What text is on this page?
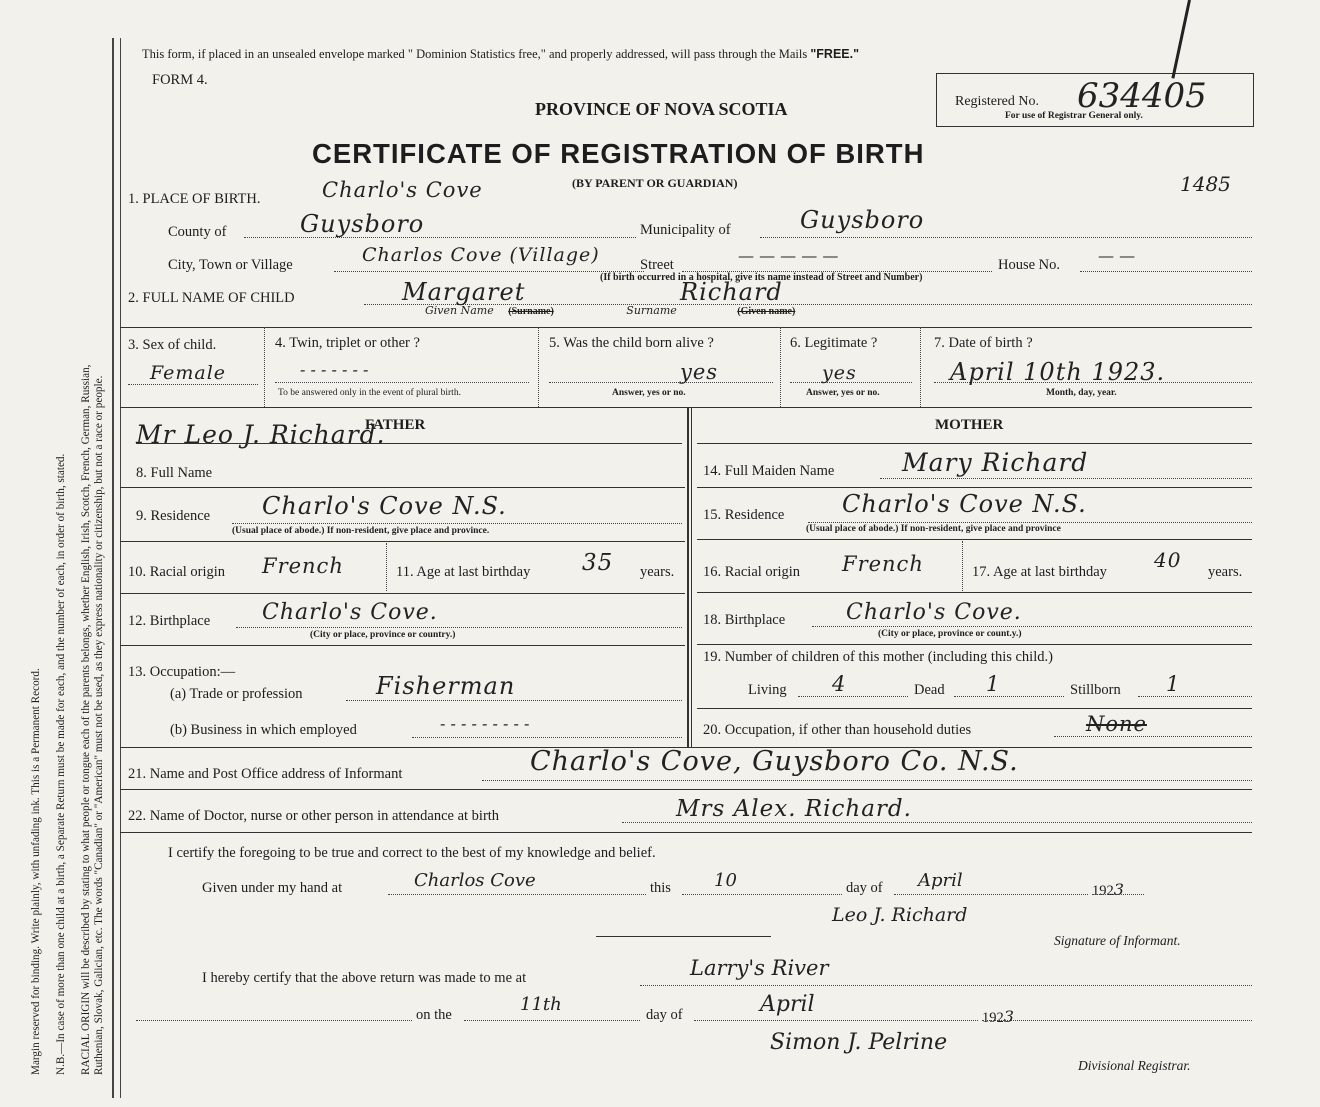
Margin reserved for binding. Write plainly, with unfading ink. This is a Permanent Record. N.B.—In case of more than one child at a birth, a Separate Return must be made for each, and the number of each, in order of birth, stated. RACIAL ORIGIN will be described by stating to what people or tongue each of the parents belongs, whether English, Irish, Scotch, French, German, Russian, Ruthenian, Slovak, Galician, etc. The words "Canadian" or "American" must not be used, as they express nationality or citizenship, but not a race or people.
This form, if placed in an unsealed envelope marked " Dominion Statistics free," and properly addressed, will pass through the Mails "FREE."
FORM 4.
PROVINCE OF NOVA SCOTIA	Registered No. 634405
For use of Registrar General only.
CERTIFICATE OF REGISTRATION OF BIRTH
(BY PARENT OR GUARDIAN)	1485
1. PLACE OF BIRTH.	Charlo's Cove
County of	Guysboro	Municipality of	Guysboro
City, Town or Village	Charlos Cove (Village)	Street	— — — — —	House No. — —
(If birth occurred in a hospital, give its name instead of Street and Number)
2. FULL NAME OF CHILD	Margaret	Richard
Given Name (Surname)	Surname	(Given name)
3. Sex of child.
Female
4. Twin, triplet or other ?
- - - - - - -
To be answered only in the event of plural birth.
5. Was the child born alive ?
yes
Answer, yes or no.
6. Legitimate ?
yes
Answer, yes or no.
7. Date of birth ?
April 10th 1923.
Month, day, year.
FATHER
Mr Leo J. Richard.
8. Full Name
9. Residence Charlo's Cove N.S.
(Usual place of abode.) If non-resident, give place and province.
10. Racial origin French	11. Age at last birthday 35 years.
12. Birthplace Charlo's Cove.
(City or place, province or country.)
13. Occupation:—
(a) Trade or profession	Fisherman
(b) Business in which employed	- - - - - - - - -
MOTHER
14. Full Maiden Name	Mary Richard
15. Residence Charlo's Cove N.S.
(Usual place of abode.) If non-resident, give place and province
16. Racial origin French	17. Age at last birthday 40 years.
18. Birthplace	Charlo's Cove.
(City or place, province or count.y.)
19. Number of children of this mother (including this child.)
Living 4	Dead 1	Stillborn 1
20. Occupation, if other than household duties	None
21. Name and Post Office address of Informant	Charlo's Cove, Guysboro Co. N.S.
22. Name of Doctor, nurse or other person in attendance at birth	Mrs Alex. Richard.
I certify the foregoing to be true and correct to the best of my knowledge and belief.
Given under my hand at	Charlos Cove	this 10	day of April	1923
Leo J. Richard
Signature of Informant.
I hereby certify that the above return was made to me at	Larry's River
on the	11th	day of	April
1923
Simon J. Pelrine
Divisional Registrar.
